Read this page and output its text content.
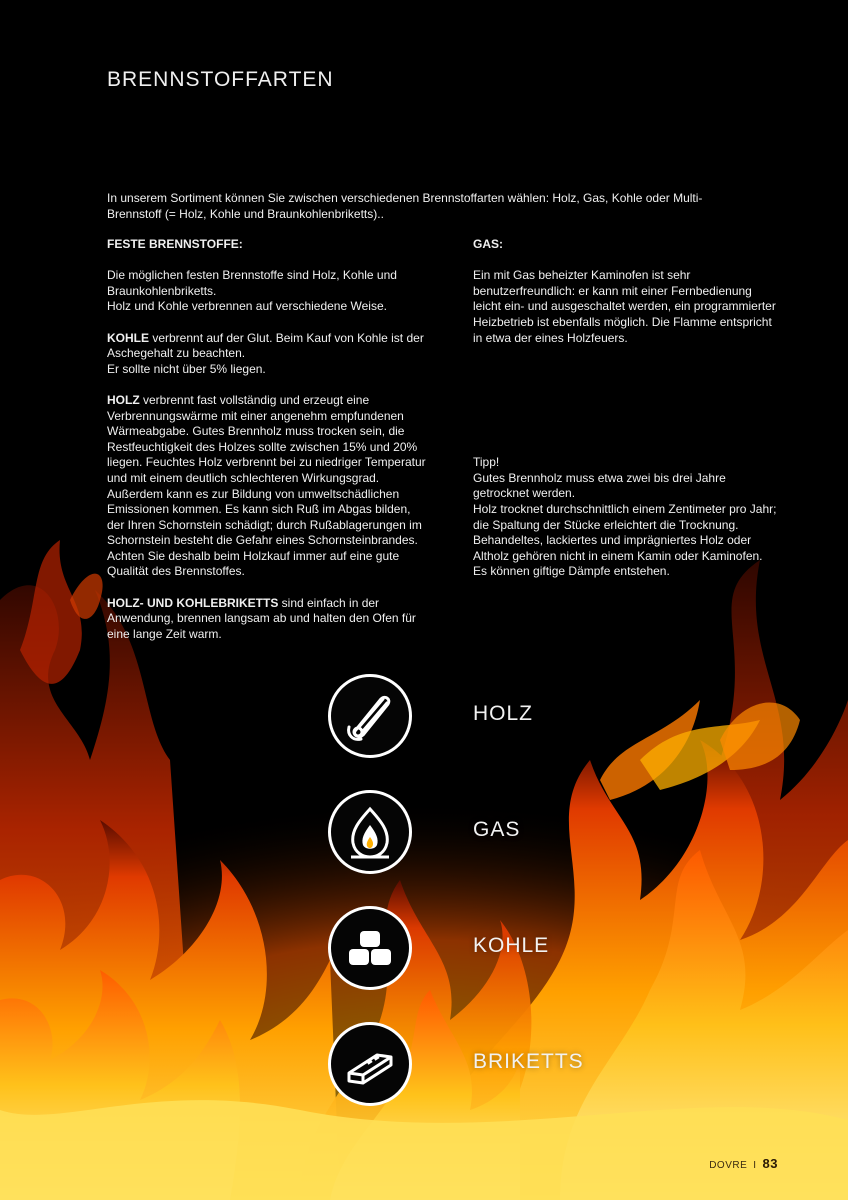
BRENNSTOFFARTEN
In unserem Sortiment können Sie zwischen verschiedenen Brennstoffarten wählen: Holz, Gas, Kohle oder Multi-Brennstoff (= Holz, Kohle und Braunkohlenbriketts)..

FESTE BRENNSTOFFE:

Die möglichen festen Brennstoffe sind Holz, Kohle und Braunkohlenbriketts.

Holz und Kohle verbrennen auf verschiedene Weise.

KOHLE verbrennt auf der Glut. Beim Kauf von Kohle ist der Aschegehalt zu beachten.

Er sollte nicht über 5% liegen.

HOLZ verbrennt fast vollständig und erzeugt eine Verbrennungswärme mit einer angenehm empfundenen Wärmeabgabe. Gutes Brennholz muss trocken sein, die Restfeuchtigkeit des Holzes sollte zwischen 15% und 20% liegen. Feuchtes Holz verbrennt bei zu niedriger Temperatur und mit einem deutlich schlechteren Wirkungsgrad. Außerdem kann es zur Bildung von umweltschädlichen Emissionen kommen. Es kann sich Ruß im Abgas bilden, der Ihren Schornstein schädigt; durch Rußablagerungen im Schornstein besteht die Gefahr eines Schornsteinbrandes. Achten Sie deshalb beim Holzkauf immer auf eine gute Qualität des Brennstoffes.

HOLZ- UND KOHLEBRIKETTS sind einfach in der Anwendung, brennen langsam ab und halten den Ofen für eine lange Zeit warm.

GAS:

Ein mit Gas beheizter Kaminofen ist sehr benutzerfreundlich: er kann mit einer Fernbedienung leicht ein- und ausgeschaltet werden, ein programmierter Heizbetrieb ist ebenfalls möglich. Die Flamme entspricht in etwa der eines Holzfeuers.

Tipp!

Gutes Brennholz muss etwa zwei bis drei Jahre getrocknet werden.

Holz trocknet durchschnittlich einem Zentimeter pro Jahr; die Spaltung der Stücke erleichtert die Trocknung.

Behandeltes, lackiertes und imprägniertes Holz oder Altholz gehören nicht in einem Kamin oder Kaminofen.

Es können giftige Dämpfe entstehen.

HOLZ
GAS
KOHLE
BRIKETTS
DOVRE I 83
